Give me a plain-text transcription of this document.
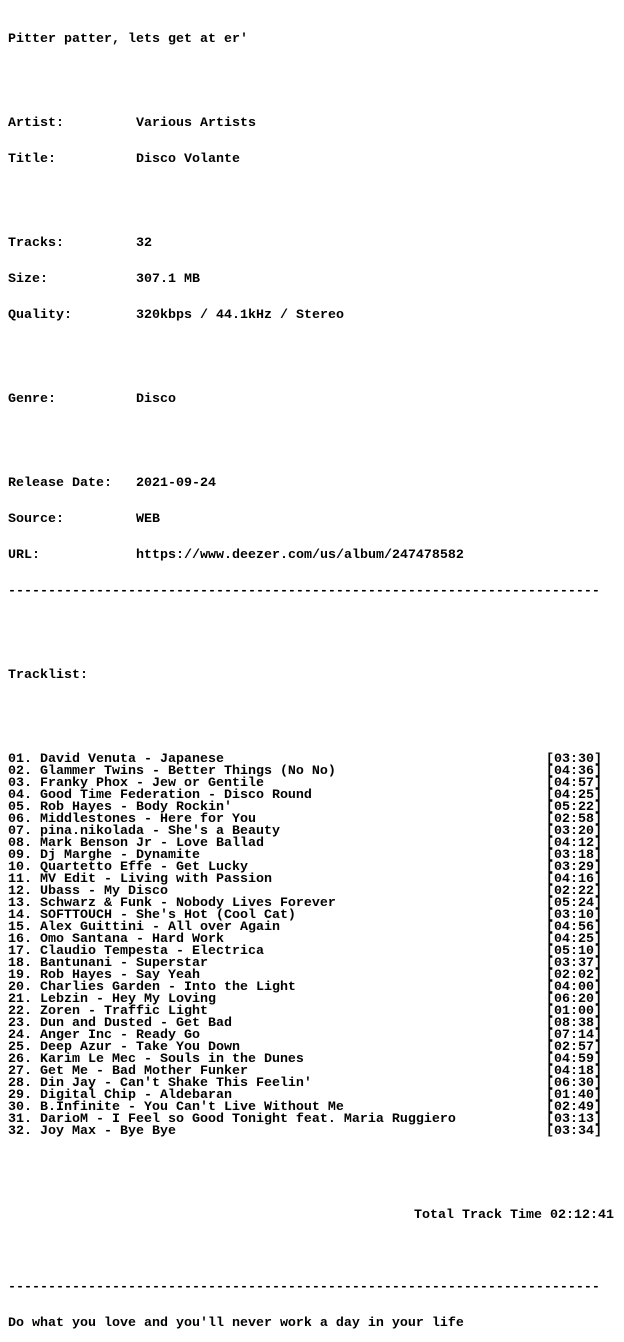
Pitter patter, lets get at er'

Artist:	Various Artists

Title:	Disco Volante

Tracks:	32

Size:	307.1 MB

Quality:	320kbps / 44.1kHz / Stereo

Genre:	Disco

Release Date: 2021-09-24

Source:	WEB

URL:	https://www.deezer.com/us/album/247478582

--------------------------------------------------------------------------

Tracklist:

01. David Venuta - Japanese	[03:30]
02. Glammer Twins - Better Things (No No)	[04:36]
03. Franky Phox - Jew or Gentile	[04:57]
04. Good Time Federation - Disco Round	[04:25]
05. Rob Hayes - Body Rockin'	[05:22]
06. Middlestones - Here for You	[02:58]
07. pina.nikolada - She's a Beauty	[03:20]
08. Mark Benson Jr - Love Ballad	[04:12]
09. Dj Marghe - Dynamite	[03:18]
10. Quartetto Effe - Get Lucky	[03:29]
11. MV Edit - Living with Passion	[04:16]
12. Ubass - My Disco	[02:22]
13. Schwarz & Funk - Nobody Lives Forever	[05:24]
14. SOFTTOUCH - She's Hot (Cool Cat)	[03:10]
15. Alex Guittini - All over Again	[04:56]
16. Omo Santana - Hard Work	[04:25]
17. Claudio Tempesta - Electrica	[05:10]
18. Bantunani - Superstar	[03:37]
19. Rob Hayes - Say Yeah	[02:02]
20. Charlies Garden - Into the Light	[04:00]
21. Lebzin - Hey My Loving	[06:20]
22. Zoren - Traffic Light	[01:00]
23. Dun and Dusted - Get Bad	[08:38]
24. Anger Inc - Ready Go	[07:14]
25. Deep Azur - Take You Down	[02:57]
26. Karim Le Mec - Souls in the Dunes	[04:59]
27. Get Me - Bad Mother Funker	[04:18]
28. Din Jay - Can't Shake This Feelin'	[06:30]
29. Digital Chip - Aldebaran	[01:40]
30. B.Infinite - You Can't Live Without Me	[02:49]
31. DarioM - I Feel so Good Tonight feat. Maria Ruggiero	[03:13]
32. Joy Max - Bye Bye	[03:34]

Total Track Time 02:12:41

--------------------------------------------------------------------------

Do what you love and you'll never work a day in your life
